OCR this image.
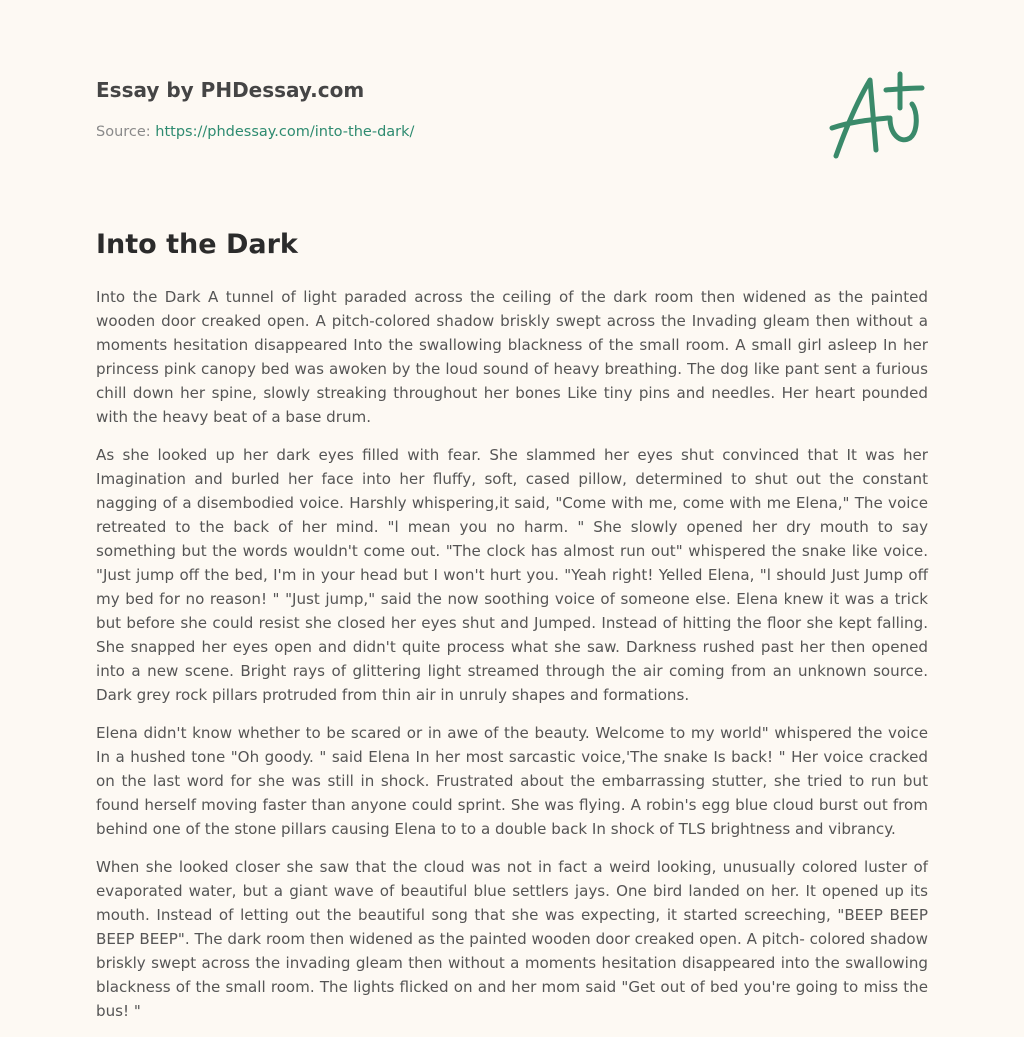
Essay by PHDessay.com
Source: https://phdessay.com/into-the-dark/
Into the Dark

Into the Dark A tunnel of light paraded across the ceiling of the dark room then widened as the painted wooden door creaked open. A pitch-colored shadow briskly swept across the Invading gleam then without a moments hesitation disappeared Into the swallowing blackness of the small room. A small girl asleep In her princess pink canopy bed was awoken by the loud sound of heavy breathing. The dog like pant sent a furious chill down her spine, slowly streaking throughout her bones Like tiny pins and needles. Her heart pounded with the heavy beat of a base drum.

As she looked up her dark eyes filled with fear. She slammed her eyes shut convinced that It was her Imagination and burled her face into her fluffy, soft, cased pillow, determined to shut out the constant nagging of a disembodied voice. Harshly whispering,it said, "Come with me, come with me Elena," The voice retreated to the back of her mind. "l mean you no harm. " She slowly opened her dry mouth to say something but the words wouldn't come out. "The clock has almost run out" whispered the snake like voice. "Just jump off the bed, I'm in your head but I won't hurt you. "Yeah right! Yelled Elena, "l should Just Jump off my bed for no reason! " "Just jump," said the now soothing voice of someone else. Elena knew it was a trick but before she could resist she closed her eyes shut and Jumped. Instead of hitting the floor she kept falling. She snapped her eyes open and didn't quite process what she saw. Darkness rushed past her then opened into a new scene. Bright rays of glittering light streamed through the air coming from an unknown source. Dark grey rock pillars protruded from thin air in unruly shapes and formations.

Elena didn't know whether to be scared or in awe of the beauty. Welcome to my world" whispered the voice In a hushed tone "Oh goody. " said Elena In her most sarcastic voice,'The snake Is back! " Her voice cracked on the last word for she was still in shock. Frustrated about the embarrassing stutter, she tried to run but found herself moving faster than anyone could sprint. She was flying. A robin's egg blue cloud burst out from behind one of the stone pillars causing Elena to to a double back In shock of TLS brightness and vibrancy.

When she looked closer she saw that the cloud was not in fact a weird looking, unusually colored luster of evaporated water, but a giant wave of beautiful blue settlers jays. One bird landed on her. It opened up its mouth. Instead of letting out the beautiful song that she was expecting, it started screeching, "BEEP BEEP BEEP BEEP". The dark room then widened as the painted wooden door creaked open. A pitch- colored shadow briskly swept across the invading gleam then without a moments hesitation disappeared into the swallowing blackness of the small room. The lights flicked on and her mom said "Get out of bed you're going to miss the bus! "
